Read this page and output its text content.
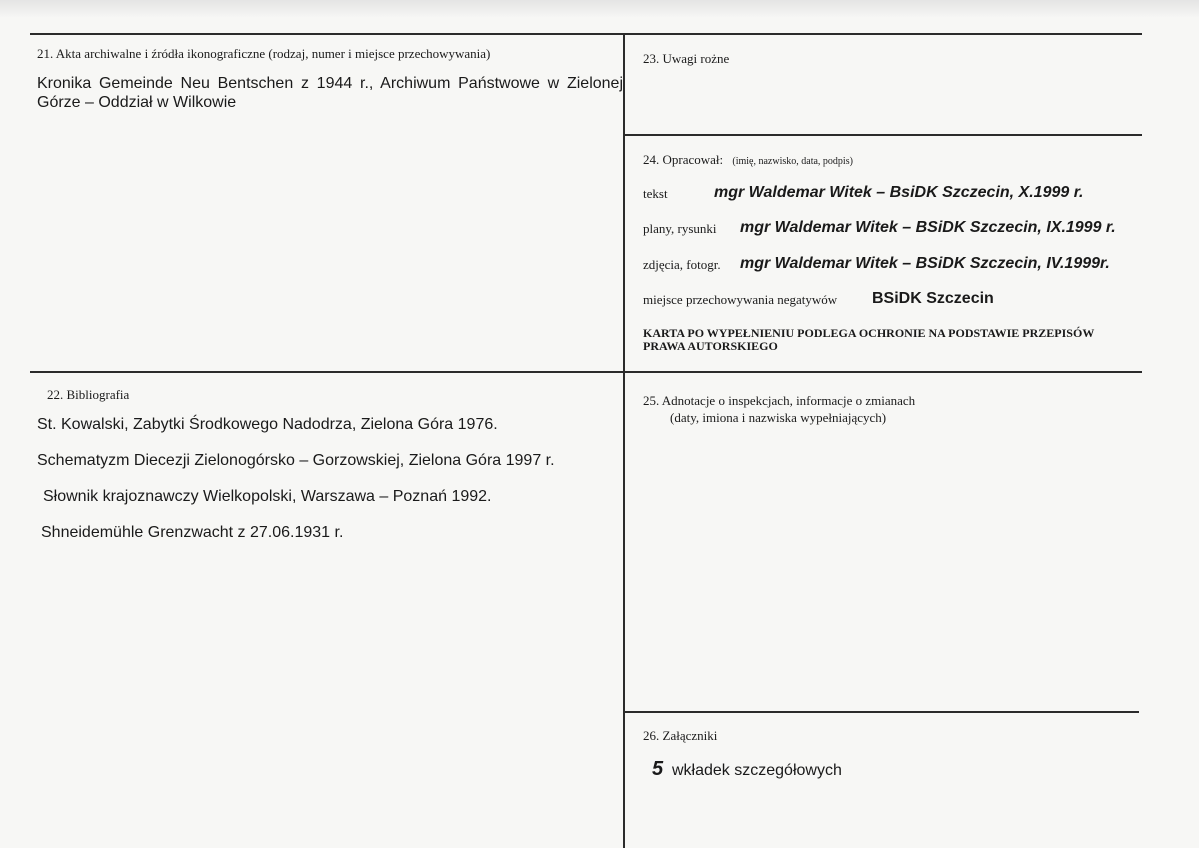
21. Akta archiwalne i źródła ikonograficzne (rodzaj, numer i miejsce przechowywania)
Kronika Gemeinde Neu Bentschen z 1944 r., Archiwum Państwowe w Zielonej Górze – Oddział w Wilkowie
22. Bibliografia
St. Kowalski, Zabytki Środkowego Nadodrza, Zielona Góra 1976.
Schematyzm Diecezji Zielonogórsko – Gorzowskiej, Zielona Góra 1997 r.
Słownik krajoznawczy Wielkopolski, Warszawa – Poznań 1992.
Shneidemühle Grenzwacht z 27.06.1931 r.
23. Uwagi rożne
24. Opracował: (imię, nazwisko, data, podpis)
tekst	mgr Waldemar Witek – BsiDK Szczecin, X.1999 r.
plany, rysunki mgr Waldemar Witek – BSiDK Szczecin, IX.1999 r.
zdjęcia, fotogr. mgr Waldemar Witek – BSiDK Szczecin, IV.1999r.
miejsce przechowywania negatywów BSiDK Szczecin
KARTA PO WYPEŁNIENIU PODLEGA OCHRONIE NA PODSTAWIE PRZEPISÓW PRAWA AUTORSKIEGO
25. Adnotacje o inspekcjach, informacje o zmianach
(daty, imiona i nazwiska wypełniających)
26. Załączniki
5 wkładek szczegółowych
